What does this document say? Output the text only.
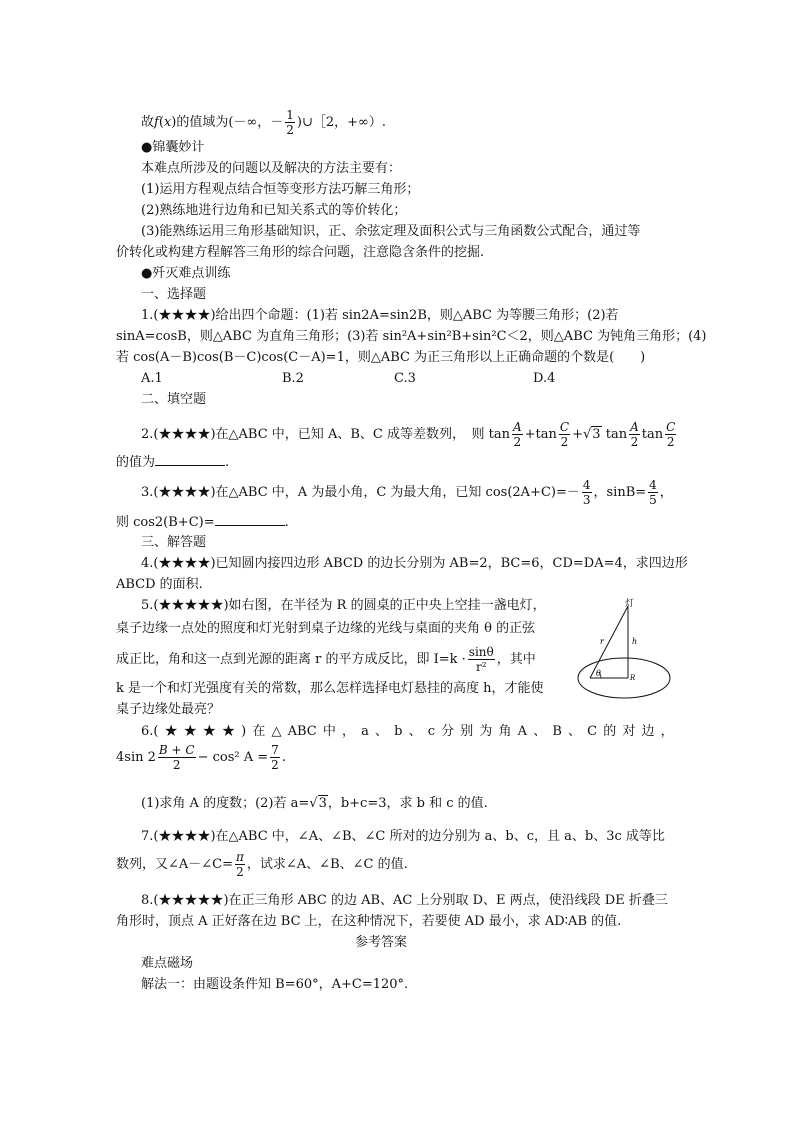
故f(x)的值域为(－∞，－ $\frac{1}{2}$ )∪［2，+∞）.
●锦囊妙计
本难点所涉及的问题以及解决的方法主要有：
(1)运用方程观点结合恒等变形方法巧解三角形；
(2)熟练地进行边角和已知关系式的等价转化；
(3)能熟练运用三角形基础知识，正、余弦定理及面积公式与三角函数公式配合，通过等
价转化或构建方程解答三角形的综合问题，注意隐含条件的挖掘.
●歼灭难点训练
一、选择题
1.(★★★★)给出四个命题：(1)若 sin2A=sin2B，则△ABC 为等腰三角形；(2)若
sinA=cosB，则△ABC 为直角三角形；(3)若 sin²A+sin²B+sin²C＜2，则△ABC 为钝角三角形；(4)
若 cos(A－B)cos(B－C)cos(C－A)=1，则△ABC 为正三角形以上正确命题的个数是(　　)
A.1	B.2	C.3	D.4
二、填空题
2.(★★★★)在△ABC 中，已知 A、B、C 成等差数列，　则 $\tan \frac{A}{2} +\tan \frac{C}{2} +√3$ $\tan \frac{A}{2}$ $\tan \frac{C}{2}$
的值为	.
3.(★★★★)在△ABC 中，A 为最小角，C 为最大角，已知 $\cos(2A+C)=- \frac{4}{3}$ ，$\sin B= \frac{4}{5}$ ，
则 cos2(B+C)=	.
三、解答题
4.(★★★★)已知圆内接四边形 ABCD 的边长分别为 AB=2，BC=6，CD=DA=4，求四边形
ABCD 的面积.
5.(★★★★★)如右图，在半径为 R 的圆桌的正中央上空挂一盏电灯，
桌子边缘一点处的照度和灯光射到桌子边缘的光线与桌面的夹角 θ 的正弦
成正比，角和这一点到光源的距离 r 的平方成反比，即 $I=k \cdot \frac{\sin\theta}{\text{r²}}$ ，其中
k 是一个和灯光强度有关的常数，那么怎样选择电灯悬挂的高度 h，才能使
桌子边缘处最亮？
灯
h
r
θ	R
6.( ★ ★ ★ ★ ) 在 △ ABC 中 ， a 、 b 、 c 分 别 为 角 A 、 B 、 C 的 对 边 ，
4sin $2 \frac{B + C}{2} - \cos^2$ $A = \frac{7}{2}$ .
(1)求角 A 的度数；(2)若 a=√3，b+c=3，求 b 和 c 的值.
7.(★★★★)在△ABC 中，∠A、∠B、∠C 所对的边分别为 a、b、c，且 a、b、3c 成等比
数列，又∠A－∠C= $\frac{\pi}{2}$ ，试求∠A、∠B、∠C 的值.
8.(★★★★★)在正三角形 ABC 的边 AB、AC 上分别取 D、E 两点，使沿线段 DE 折叠三
角形时，顶点 A 正好落在边 BC 上，在这种情况下，若要使 AD 最小，求 AD∶AB 的值.
参考答案
难点磁场
解法一：由题设条件知 B=60°，A+C=120°.
